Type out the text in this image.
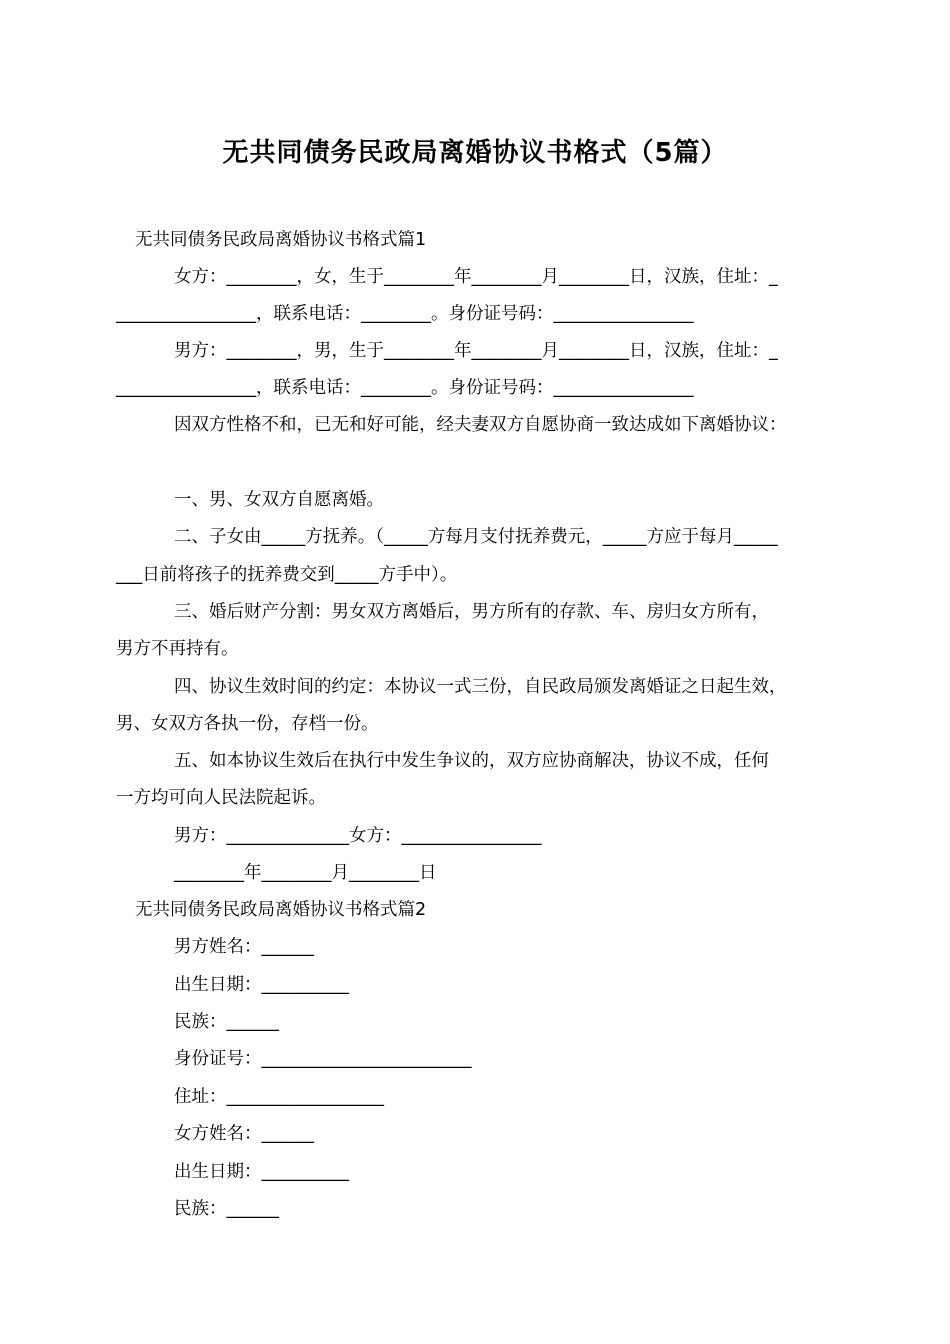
无共同债务民政局离婚协议书格式（5篇）
无共同债务民政局离婚协议书格式篇1
女方：________，女，生于________年________月________日，汉族，住址：_
________________，联系电话：________。身份证号码：________________
男方：________，男，生于________年________月________日，汉族，住址：_
________________，联系电话：________。身份证号码：________________
因双方性格不和，已无和好可能，经夫妻双方自愿协商一致达成如下离婚协议：
一、男、女双方自愿离婚。
二、子女由_____方抚养。（_____方每月支付抚养费元，_____方应于每月_____
___日前将孩子的抚养费交到_____方手中）。
三、婚后财产分割：男女双方离婚后，男方所有的存款、车、房归女方所有，
男方不再持有。
四、协议生效时间的约定：本协议一式三份，自民政局颁发离婚证之日起生效，
男、女双方各执一份，存档一份。
五、如本协议生效后在执行中发生争议的，双方应协商解决，协议不成，任何
一方均可向人民法院起诉。
男方：______________女方：________________
________年________月________日
无共同债务民政局离婚协议书格式篇2
男方姓名：______
出生日期：__________
民族：______
身份证号：________________________
住址：__________________
女方姓名：______
出生日期：__________
民族：______
